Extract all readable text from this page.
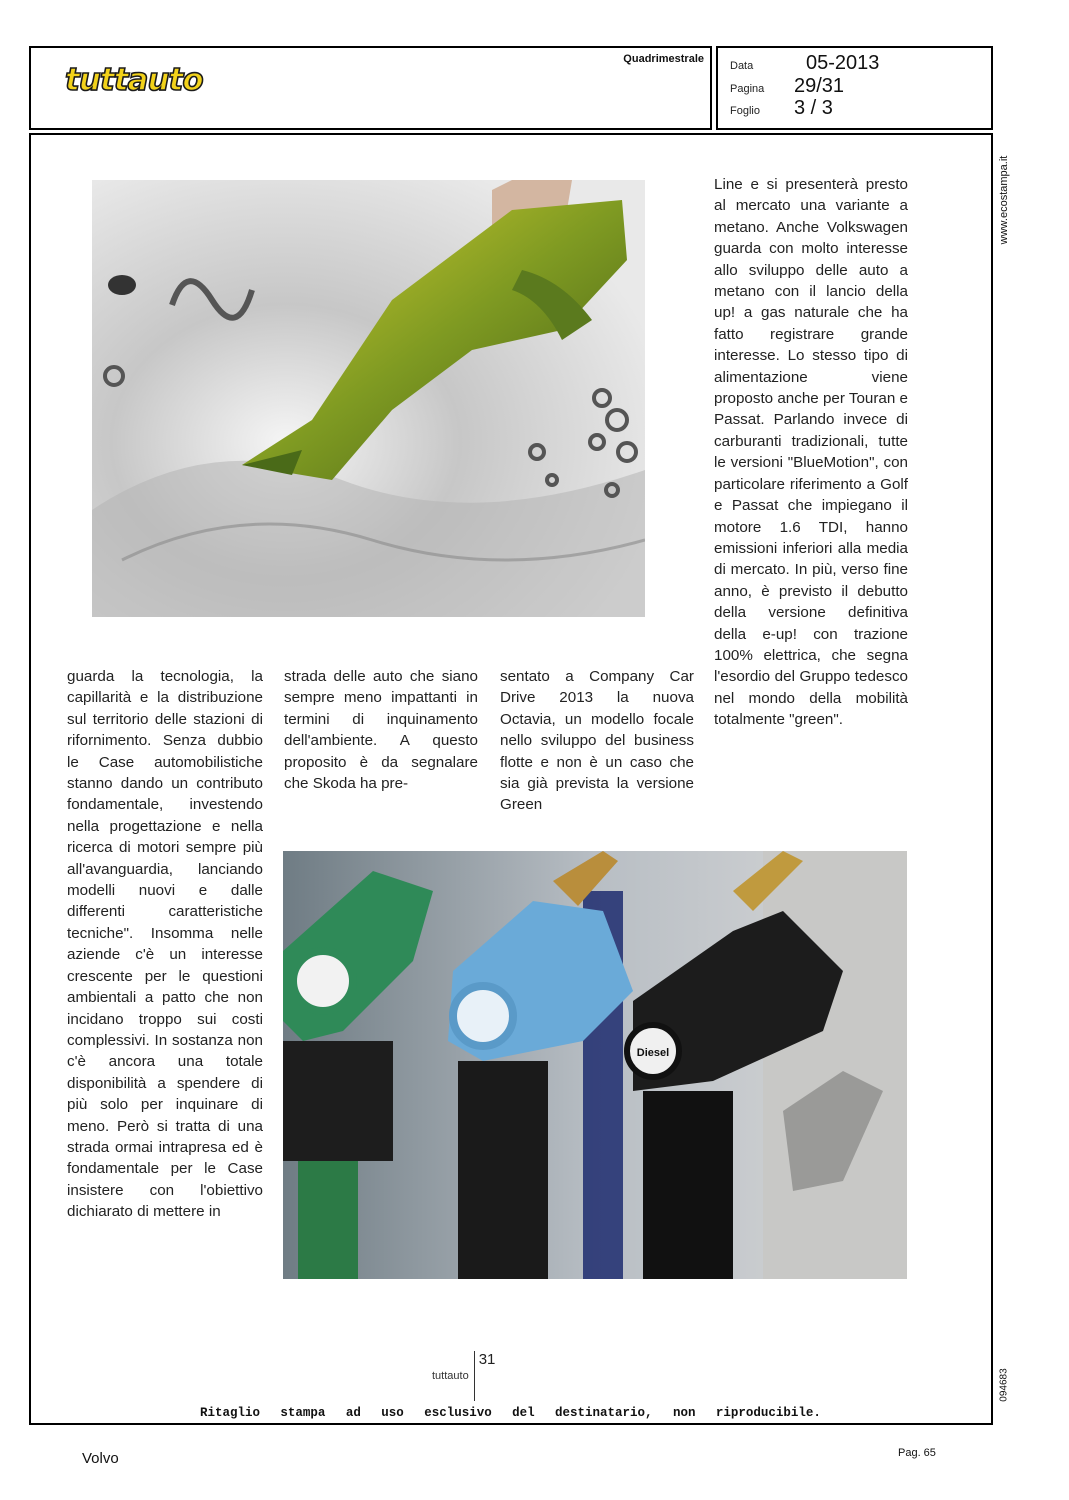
tuttauto
Quadrimestrale
Data	05-2013
Pagina	29/31
Foglio	3 / 3
www.ecostampa.it
Diesel

guarda la tecnologia, la capillarità e la distribuzione sul territorio delle stazioni di rifornimento. Senza dubbio le Case automobilistiche stanno dando un contributo fondamentale, investendo nella progettazione e nella ricerca di motori sempre più all'avanguardia, lanciando modelli nuovi e dalle differenti caratteristiche tecniche". Insomma nelle aziende c'è un interesse crescente per le questioni ambientali a patto che non incidano troppo sui costi complessivi. In sostanza non c'è ancora una totale disponibilità a spendere di più solo per inquinare di meno. Però si tratta di una strada ormai intrapresa ed è fondamentale per le Case insistere con l'obiettivo dichiarato di mettere in

strada delle auto che siano sempre meno impattanti in termini di inquinamento dell'ambiente. A questo proposito è da segnalare che Skoda ha pre-

sentato a Company Car Drive 2013 la nuova Octavia, un modello focale nello sviluppo del business flotte e non è un caso che sia già prevista la versione Green

Line e si presenterà presto al mercato una variante a metano. Anche Volkswagen guarda con molto interesse allo sviluppo delle auto a metano con il lancio della up! a gas naturale che ha fatto registrare grande interesse. Lo stesso tipo di alimentazione viene proposto anche per Touran e Passat. Parlando invece di carburanti tradizionali, tutte le versioni "BlueMotion", con particolare riferimento a Golf e Passat che impiegano il motore 1.6 TDI, hanno emissioni inferiori alla media di mercato. In più, verso fine anno, è previsto il debutto della versione definitiva della e-up! con trazione 100% elettrica, che segna l'esordio del Gruppo tedesco nel mondo della mobilità totalmente "green".

tuttauto
31
094683
Ritaglio stampa ad uso esclusivo del destinatario, non riproducibile.
Volvo	Pag. 65
